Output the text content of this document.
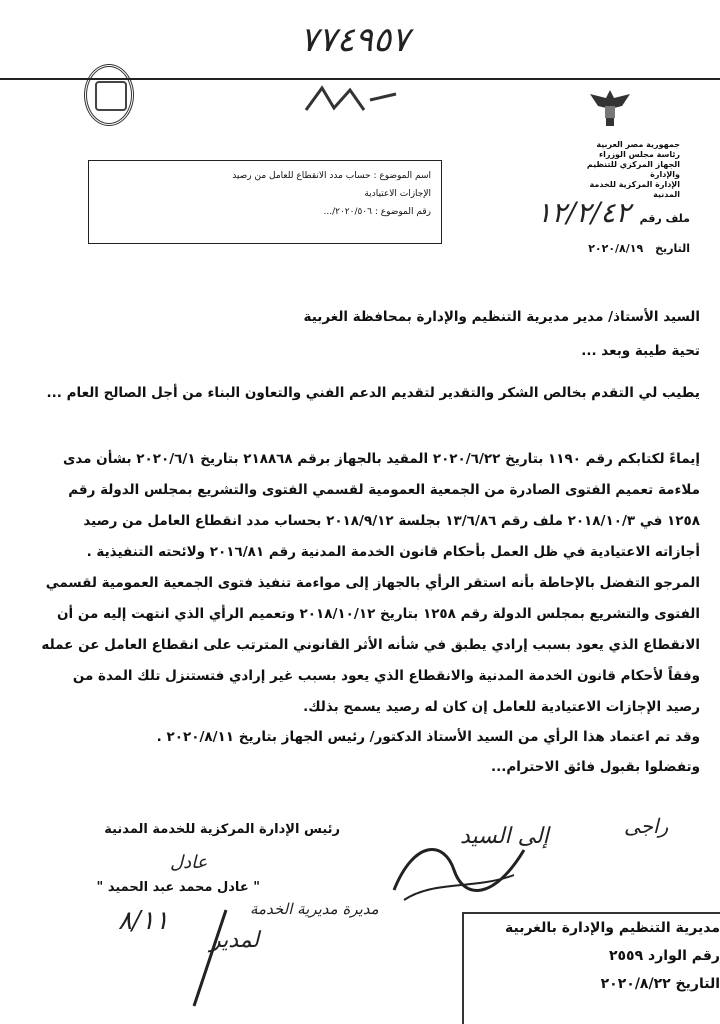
٧٧٤٩٥٧
جمهورية مصر العربية
رئاسة مجلس الوزراء
الجهاز المركزي للتنظيم والإدارة
الإدارة المركزية للخدمة المدنية
ملف رقم ١٢/٢/٤٢
التاريخ ٢٠٢٠/٨/١٩
اسم الموضوع : حساب مدد الانقطاع للعامل من رصيد
الإجازات الاعتيادية
رقم الموضوع : ٢٠٢٠/٥٠٦/...
السيد الأستاذ/ مدير مديرية التنظيم والإدارة بمحافظة الغربية
تحية طيبة وبعد ...
يطيب لي التقدم بخالص الشكر والتقدير لتقديم الدعم الفني والتعاون البناء من أجل الصالح العام ...
إيماءً لكتابكم رقم ١١٩٠ بتاريخ ٢٠٢٠/٦/٢٢ المقيد بالجهاز برقم ٢١٨٨٦٨ بتاريخ ٢٠٢٠/٦/١ بشأن مدى ملاءمة تعميم الفتوى الصادرة من الجمعية العمومية لقسمي الفتوى والتشريع بمجلس الدولة رقم ١٢٥٨ في ٢٠١٨/١٠/٣ ملف رقم ١٣/٦/٨٦ بجلسة ٢٠١٨/٩/١٢ بحساب مدد انقطاع العامل من رصيد أجازاته الاعتيادية في ظل العمل بأحكام قانون الخدمة المدنية رقم ٢٠١٦/٨١ ولائحته التنفيذية .
المرجو التفضل بالإحاطة بأنه استقر الرأي بالجهاز إلى مواءمة تنفيذ فتوى الجمعية العمومية لقسمي الفتوى والتشريع بمجلس الدولة رقم ١٢٥٨ بتاريخ ٢٠١٨/١٠/١٢ وتعميم الرأي الذي انتهت إليه من أن الانقطاع الذي يعود بسبب إرادي يطبق في شأنه الأثر القانوني المترتب على انقطاع العامل عن عمله وفقاً لأحكام قانون الخدمة المدنية والانقطاع الذي يعود بسبب غير إرادي فتستنزل تلك المدة من رصيد الإجازات الاعتيادية للعامل إن كان له رصيد يسمح بذلك.
وقد تم اعتماد هذا الرأي من السيد الأستاذ الدكتور/ رئيس الجهاز بتاريخ ٢٠٢٠/٨/١١ .
وتفضلوا بقبول فائق الاحترام...
رئيس الإدارة المركزية للخدمة المدنية
عادل
" عادل محمد عبد الحميد "
٨/١١
راجى
إلى السيد
مديرة مديرية الخدمة
لمدير	مديرية التنظيم والإدارة بالغربية
رقم الوارد ٢٥٥٩
التاريخ ٢٠٢٠/٨/٢٢
